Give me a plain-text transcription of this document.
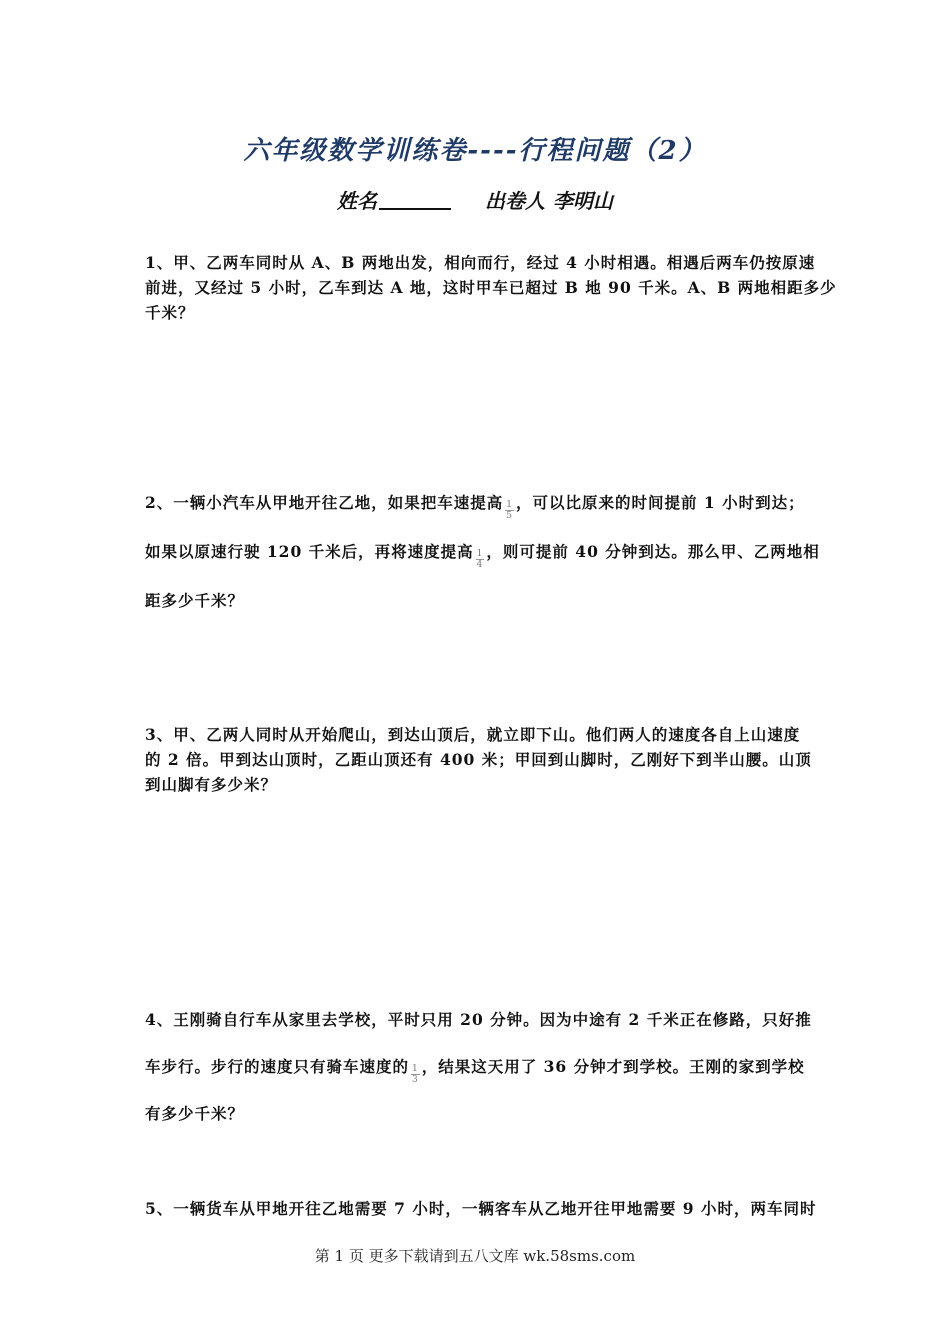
六年级数学训练卷----行程问题（2）
姓名	出卷人 李明山
1、甲、乙两车同时从 A、B 两地出发，相向而行，经过 4 小时相遇。相遇后两车仍按原速
前进，又经过 5 小时，乙车到达 A 地，这时甲车已超过 B 地 90 千米。A、B 两地相距多少
千米？
2、一辆小汽车从甲地开往乙地，如果把车速提高 $\frac{1}{5}$ ，可以比原来的时间提前 1 小时到达；
如果以原速行驶 120 千米后，再将速度提高 $\frac{1}{4}$ ，则可提前 40 分钟到达。那么甲、乙两地相
距多少千米？
3、甲、乙两人同时从开始爬山，到达山顶后，就立即下山。他们两人的速度各自上山速度
的 2 倍。甲到达山顶时，乙距山顶还有 400 米；甲回到山脚时，乙刚好下到半山腰。山顶
到山脚有多少米？
4、王刚骑自行车从家里去学校，平时只用 20 分钟。因为中途有 2 千米正在修路，只好推
车步行。步行的速度只有骑车速度的 $\frac{1}{3}$ ，结果这天用了 36 分钟才到学校。王刚的家到学校
有多少千米？
5、一辆货车从甲地开往乙地需要 7 小时，一辆客车从乙地开往甲地需要 9 小时，两车同时
第 1 页 更多下载请到五八文库 wk.58sms.com
